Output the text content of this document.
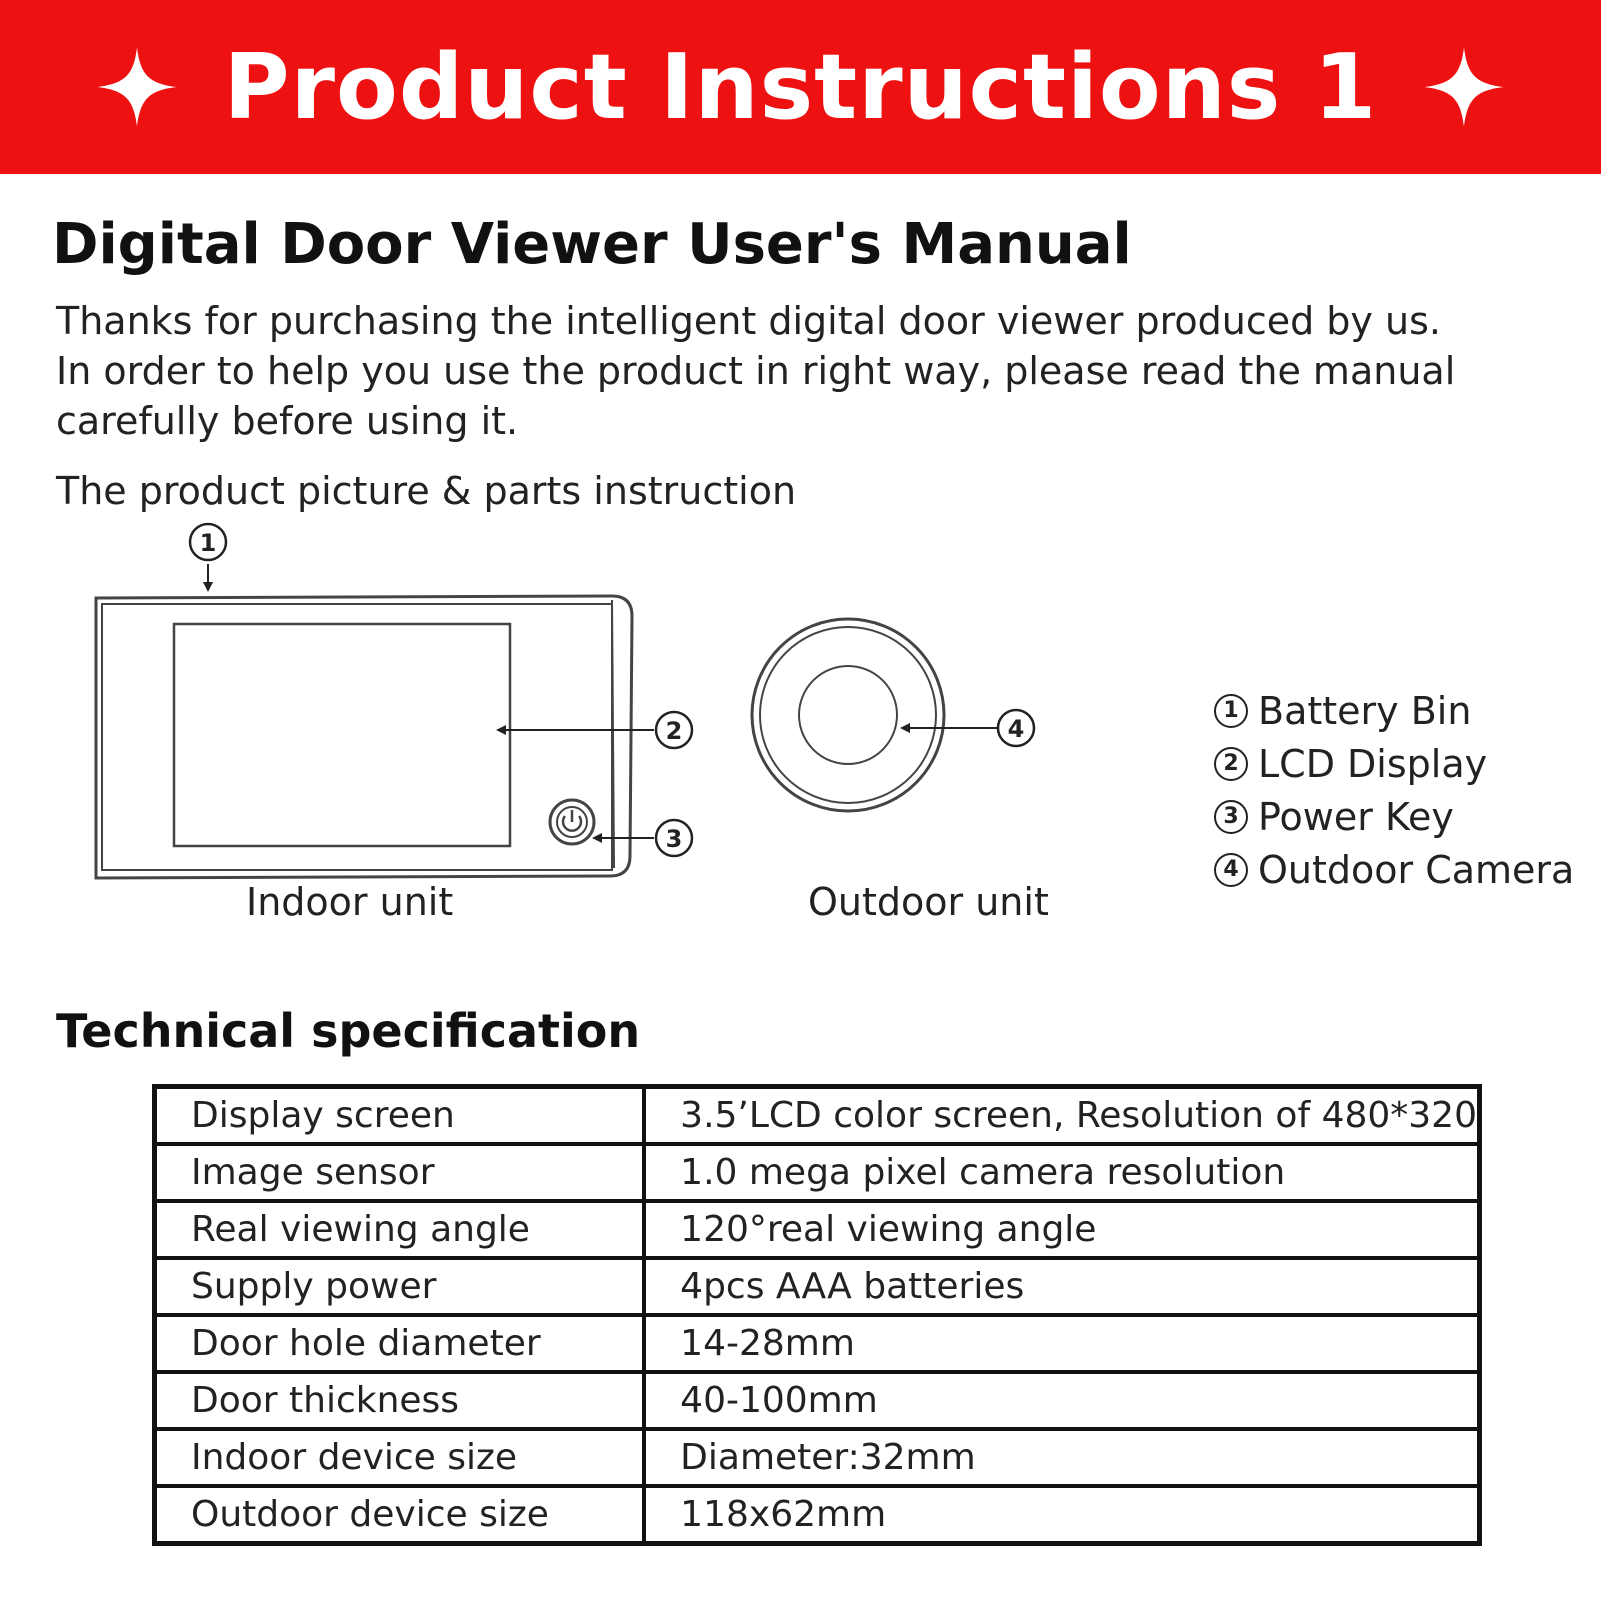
Product Instructions 1
Digital Door Viewer User's Manual

Thanks for purchasing the intelligent digital door viewer produced by us.
In order to help you use the product in right way, please read the manual
carefully before using it.

The product picture & parts instruction
1
2
3
4
Indoor unit	Outdoor unit
1 Battery Bin
2 LCD Display
3 Power Key
4 Outdoor Camera
Technical specification
Display screen	3.5’LCD color screen, Resolution of 480*320
Image sensor	1.0 mega pixel camera resolution
Real viewing angle	120°real viewing angle
Supply power	4pcs AAA batteries
Door hole diameter	14-28mm
Door thickness	40-100mm
Indoor device size	Diameter:32mm
Outdoor device size	118x62mm
